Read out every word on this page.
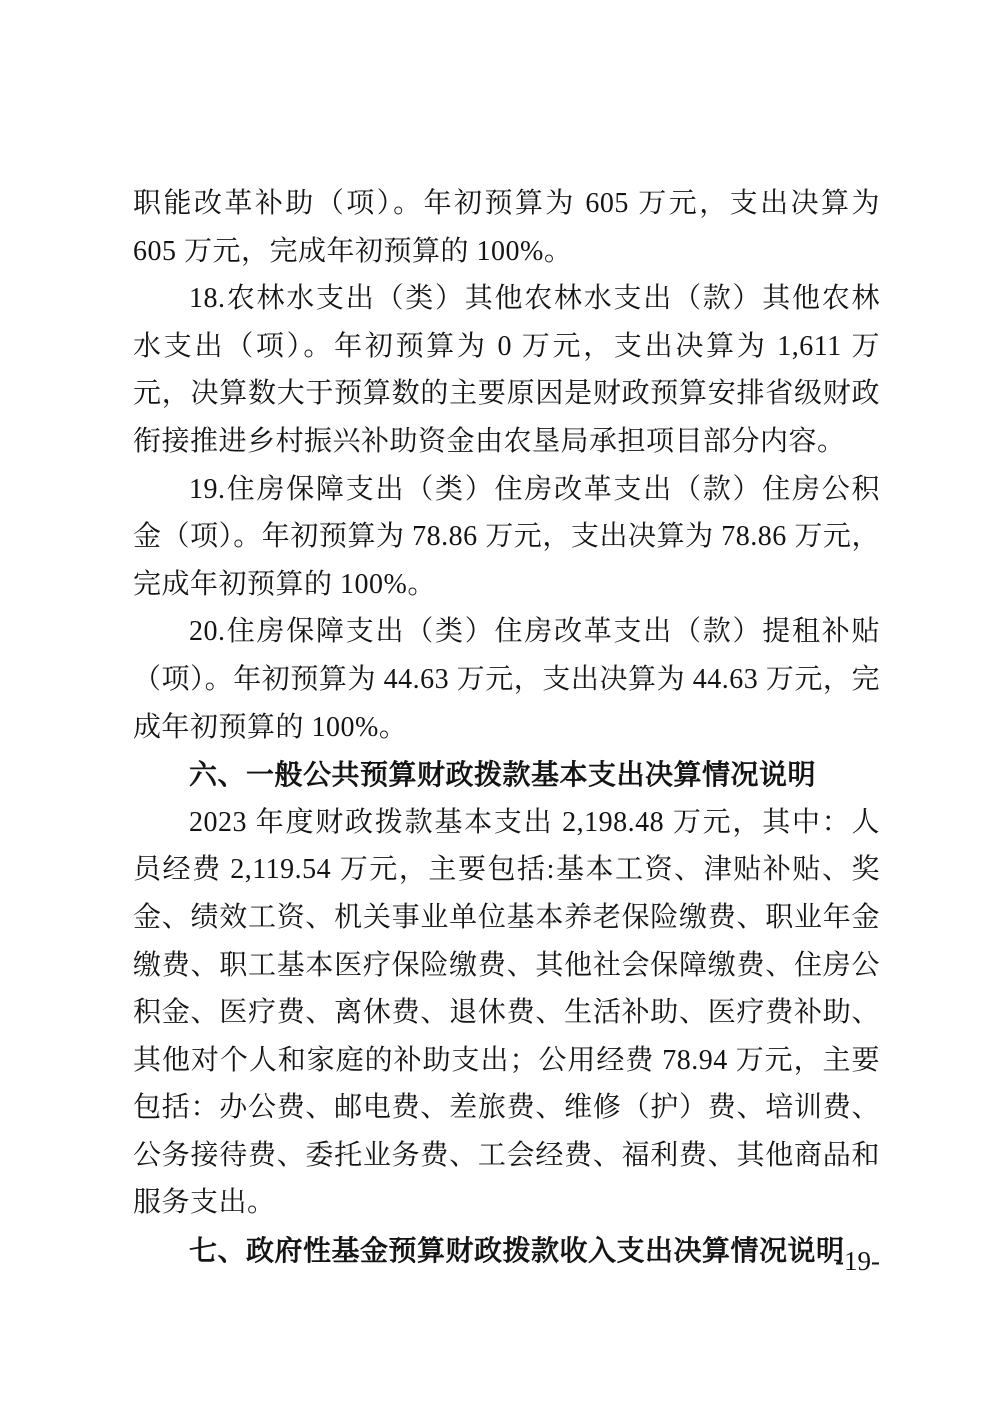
职能改革补助（项）。年初预算为 605 万元，支出决算为 605 万元，完成年初预算的 100%。

18.农林水支出（类）其他农林水支出（款）其他农林水支出（项）。年初预算为 0 万元，支出决算为 1,611 万元，决算数大于预算数的主要原因是财政预算安排省级财政衔接推进乡村振兴补助资金由农垦局承担项目部分内容。

19.住房保障支出（类）住房改革支出（款）住房公积金（项）。年初预算为 78.86 万元，支出决算为 78.86 万元，完成年初预算的 100%。

20.住房保障支出（类）住房改革支出（款）提租补贴（项）。年初预算为 44.63 万元，支出决算为 44.63 万元，完成年初预算的 100%。

六、一般公共预算财政拨款基本支出决算情况说明

2023 年度财政拨款基本支出 2,198.48 万元，其中：人员经费 2,119.54 万元，主要包括:基本工资、津贴补贴、奖金、绩效工资、机关事业单位基本养老保险缴费、职业年金缴费、职工基本医疗保险缴费、其他社会保障缴费、住房公积金、医疗费、离休费、退休费、生活补助、医疗费补助、其他对个人和家庭的补助支出；公用经费 78.94 万元，主要包括：办公费、邮电费、差旅费、维修（护）费、培训费、公务接待费、委托业务费、工会经费、福利费、其他商品和服务支出。

七、政府性基金预算财政拨款收入支出决算情况说明

-19-
